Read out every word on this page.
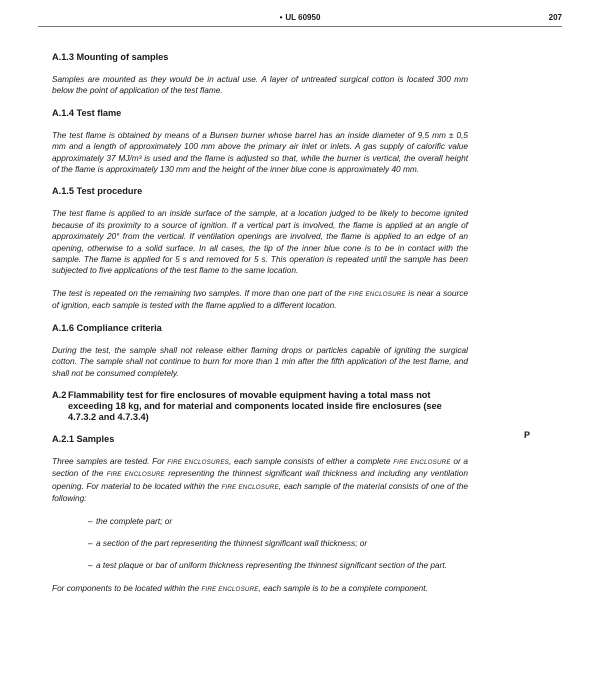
• UL 60950	207
A.1.3 Mounting of samples

Samples are mounted as they would be in actual use. A layer of untreated surgical cotton is located 300 mm below the point of application of the test flame.

A.1.4 Test flame

The test flame is obtained by means of a Bunsen burner whose barrel has an inside diameter of 9,5 mm ± 0,5 mm and a length of approximately 100 mm above the primary air inlet or inlets. A gas supply of calorific value approximately 37 MJ/m³ is used and the flame is adjusted so that, while the burner is vertical, the overall height of the flame is approximately 130 mm and the height of the inner blue cone is approximately 40 mm.

A.1.5 Test procedure

The test flame is applied to an inside surface of the sample, at a location judged to be likely to become ignited because of its proximity to a source of ignition. If a vertical part is involved, the flame is applied at an angle of approximately 20° from the vertical. If ventilation openings are involved, the flame is applied to an edge of an opening, otherwise to a solid surface. In all cases, the tip of the inner blue cone is to be in contact with the sample. The flame is applied for 5 s and removed for 5 s. This operation is repeated until the sample has been subjected to five applications of the test flame to the same location.

The test is repeated on the remaining two samples. If more than one part of the FIRE ENCLOSURE is near a source of ignition, each sample is tested with the flame applied to a different location.

A.1.6 Compliance criteria

During the test, the sample shall not release either flaming drops or particles capable of igniting the surgical cotton. The sample shall not continue to burn for more than 1 min after the fifth application of the test flame, and shall not be consumed completely.

A.2 Flammability test for fire enclosures of movable equipment having a total mass not exceeding 18 kg, and for material and components located inside fire enclosures (see 4.7.3.2 and 4.7.3.4)
A.2.1 Samples

Three samples are tested. For FIRE ENCLOSURES, each sample consists of either a complete FIRE ENCLOSURE or a section of the FIRE ENCLOSURE representing the thinnest significant wall thickness and including any ventilation opening. For material to be located within the FIRE ENCLOSURE, each sample of the material consists of one of the following:

– the complete part; or
– a section of the part representing the thinnest significant wall thickness; or
– a test plaque or bar of uniform thickness representing the thinnest significant section of the part.

For components to be located within the FIRE ENCLOSURE, each sample is to be a complete component.

P
